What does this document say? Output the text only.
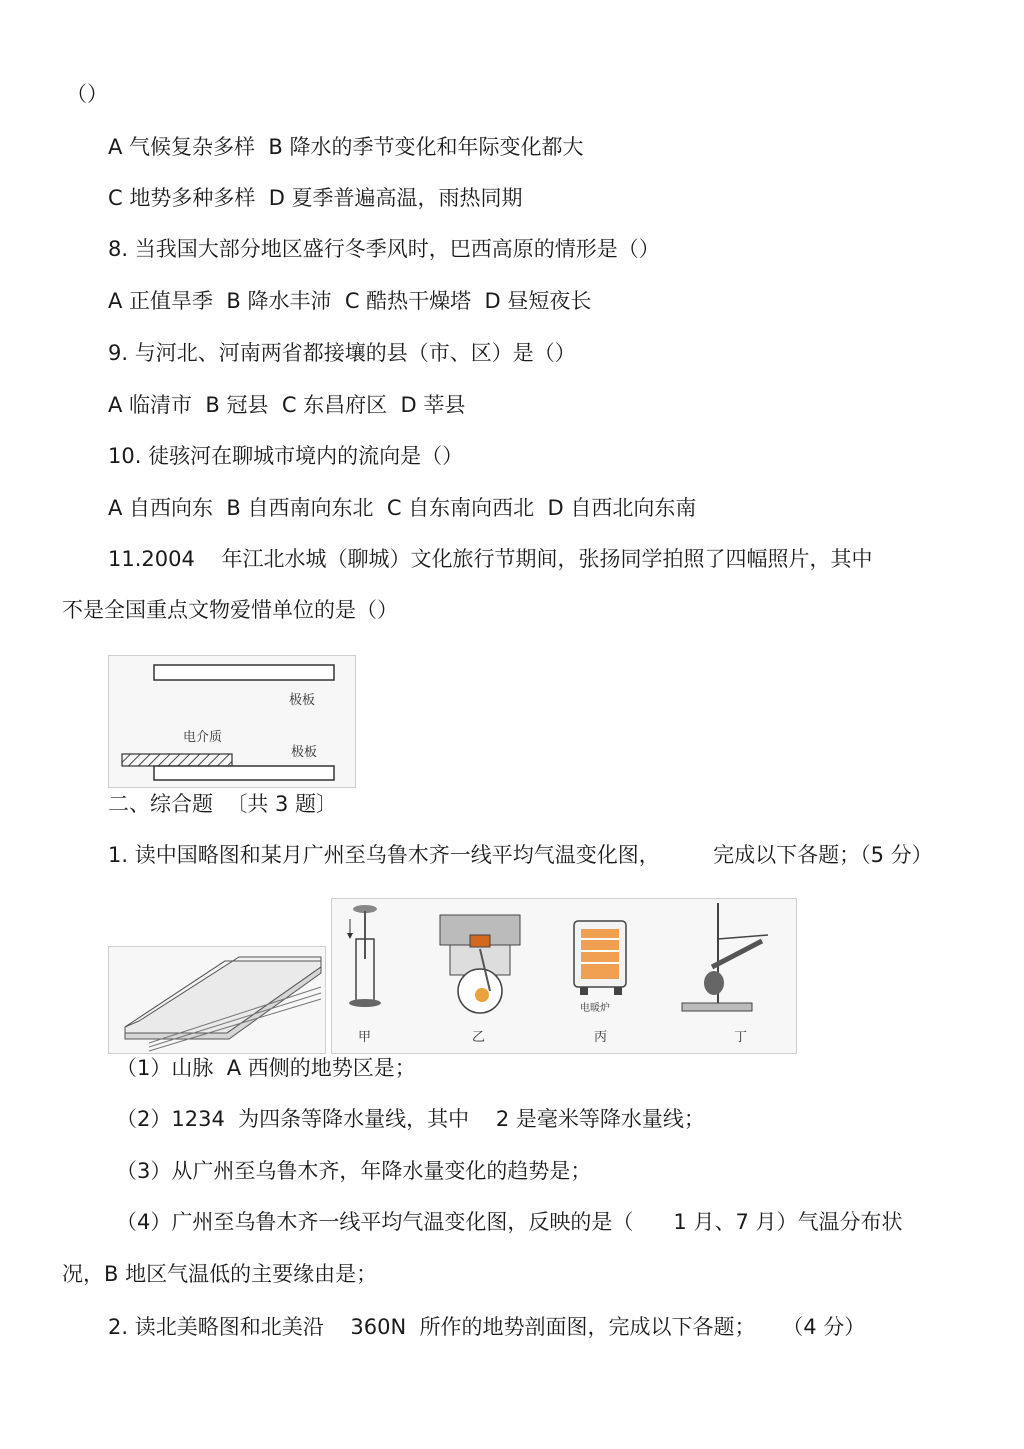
（）
A 气候复杂多样  B 降水的季节变化和年际变化都大
C 地势多种多样  D 夏季普遍高温，雨热同期
8. 当我国大部分地区盛行冬季风时，巴西高原的情形是（）
A 正值旱季  B 降水丰沛  C 酷热干燥塔  D 昼短夜长
9. 与河北、河南两省都接壤的县（市、区）是（）
A 临清市  B 冠县  C 东昌府区  D 莘县
10. 徒骇河在聊城市境内的流向是（）
A 自西向东  B 自西南向东北  C 自东南向西北  D 自西北向东南
11.2004    年江北水城（聊城）文化旅行节期间，张扬同学拍照了四幅照片，其中
不是全国重点文物爱惜单位的是（）
极板
电介质
极板
二、综合题  〔共 3 题〕
1. 读中国略图和某月广州至乌鲁木齐一线平均气温变化图，        完成以下各题；（5 分）
甲	乙
电暖炉
丙	丁
（1）山脉  A 西侧的地势区是；
（2）1234  为四条等降水量线，其中    2 是毫米等降水量线；
（3）从广州至乌鲁木齐，年降水量变化的趋势是；
（4）广州至乌鲁木齐一线平均气温变化图，反映的是（      1 月、7 月）气温分布状
况，B 地区气温低的主要缘由是；
2. 读北美略图和北美沿    360N  所作的地势剖面图，完成以下各题；    （4 分）
